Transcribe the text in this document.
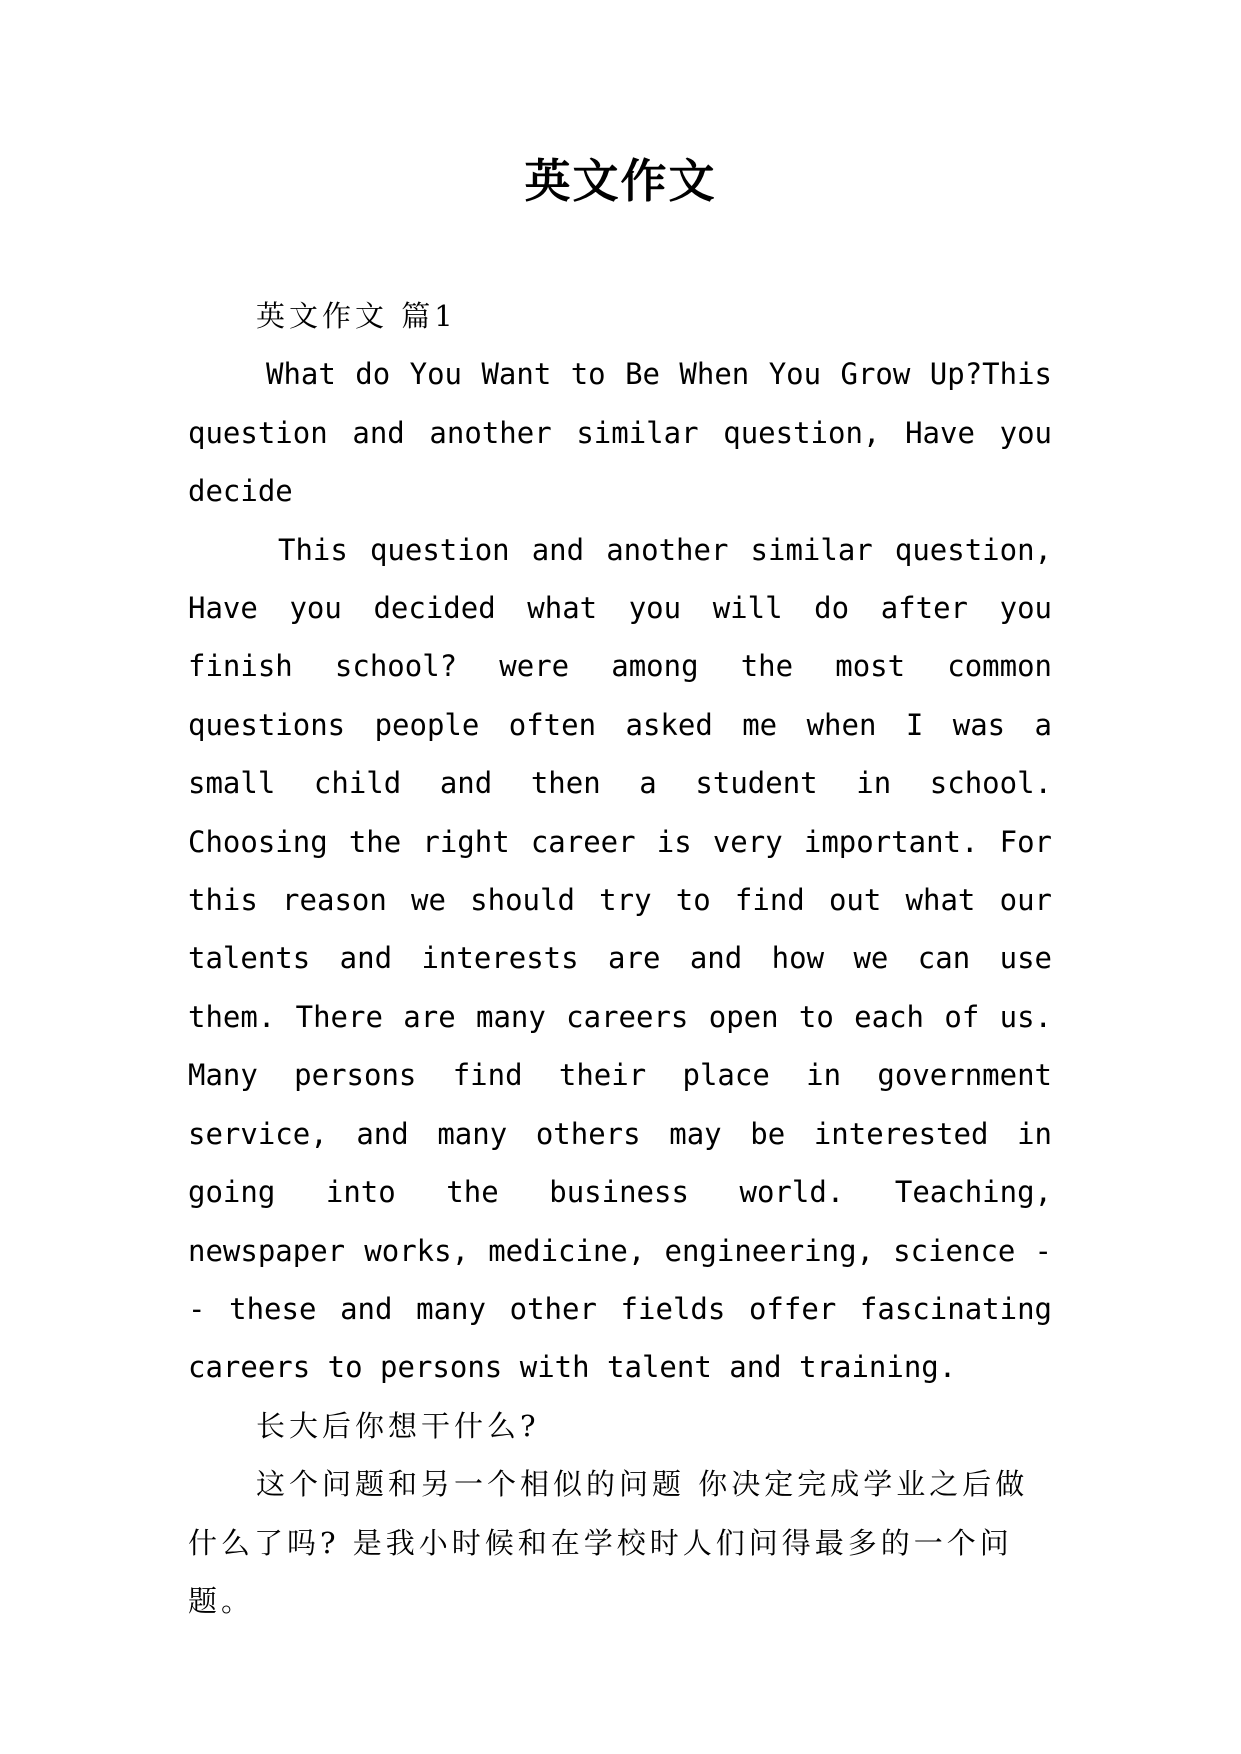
英文作文

英文作文 篇1

What do You Want to Be When You Grow Up?This question and another similar question, Have you decide

This question and another similar question, Have you decided what you will do after you finish school? were among the most common questions people often asked me when I was a small child and then a student in school. Choosing the right career is very important. For this reason we should try to find out what our talents and interests are and how we can use them. There are many careers open to each of us. Many persons find their place in government service, and many others may be interested in going into the business world. Teaching, newspaper works, medicine, engineering, science -- these and many other fields offer fascinating careers to persons with talent and training.

长大后你想干什么?

这个问题和另一个相似的问题 你决定完成学业之后做什么了吗? 是我小时候和在学校时人们问得最多的一个问题。
